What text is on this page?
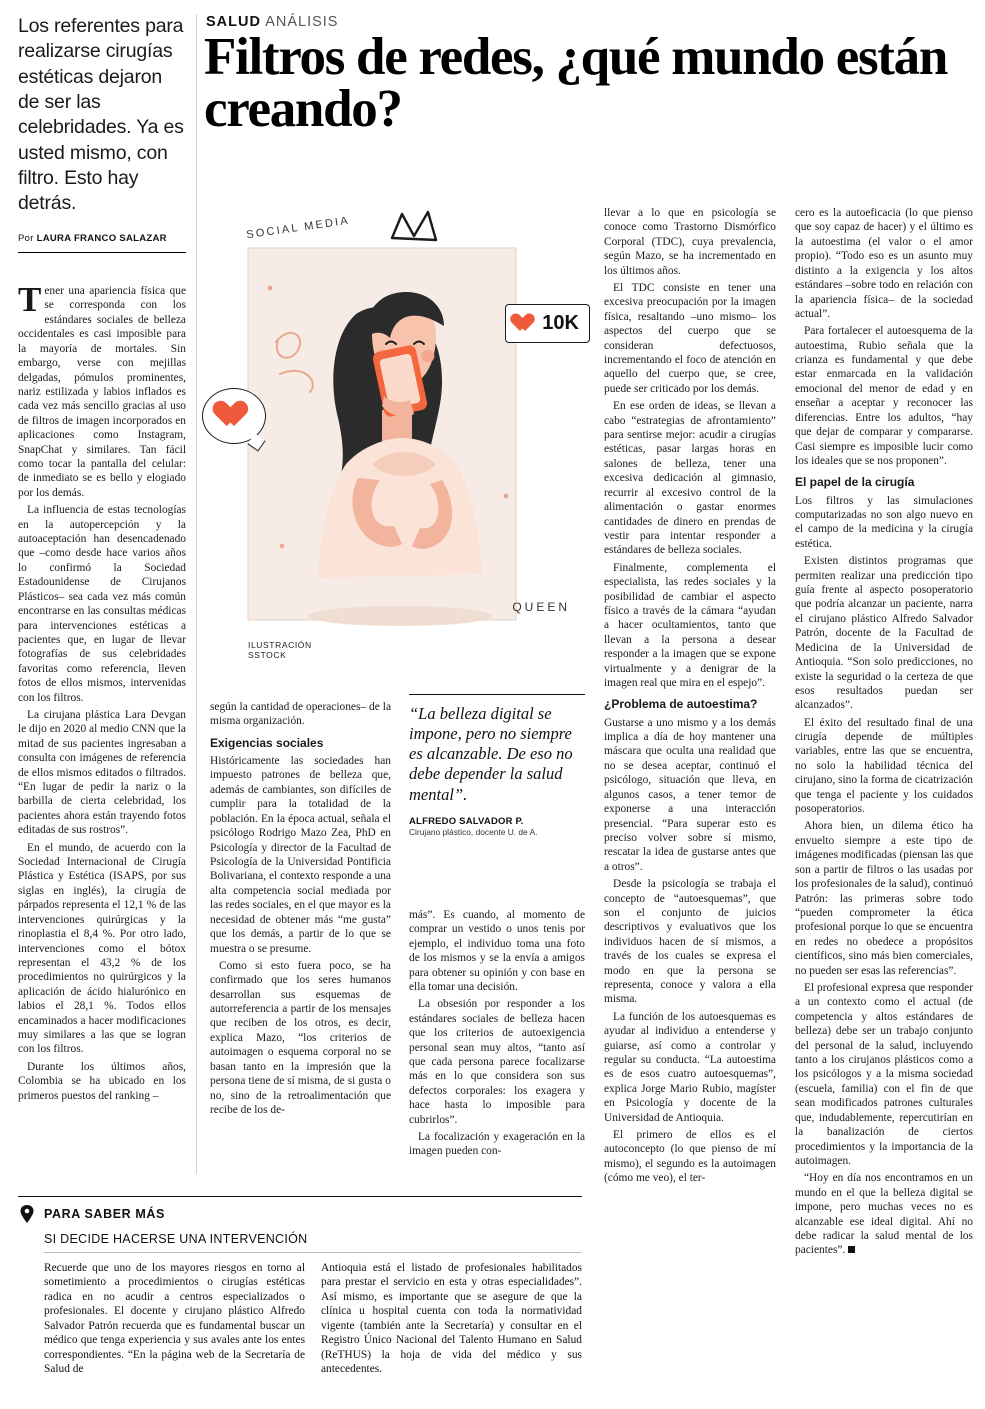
Los referentes para realizarse cirugías estéticas dejaron de ser las celebridades. Ya es usted mismo, con filtro. Esto hay detrás.
Por LAURA FRANCO SALAZAR
SALUD ANÁLISIS
Filtros de redes, ¿qué mundo están creando?
10K
QUEEN
SOCIAL MEDIA
ILUSTRACIÓN
SSTOCK

Tener una apariencia física que se corresponda con los estándares sociales de belleza occidentales es casi imposible para la mayoría de mortales. Sin embargo, verse con mejillas delgadas, pómulos prominentes, nariz estilizada y labios inflados es cada vez más sencillo gracias al uso de filtros de imagen incorporados en aplicaciones como Instagram, SnapChat y similares. Tan fácil como tocar la pantalla del celular: de inmediato se es bello y elogiado por los demás.

La influencia de estas tecnologías en la autopercepción y la autoaceptación han desencadenado que –como desde hace varios años lo confirmó la Sociedad Estadounidense de Cirujanos Plásticos– sea cada vez más común encontrarse en las consultas médicas para intervenciones estéticas a pacientes que, en lugar de llevar fotografías de sus celebridades favoritas como referencia, lleven fotos de ellos mismos, intervenidas con los filtros.

La cirujana plástica Lara Devgan le dijo en 2020 al medio CNN que la mitad de sus pacientes ingresaban a consulta con imágenes de referencia de ellos mismos editados o filtrados. “En lugar de pedir la nariz o la barbilla de cierta celebridad, los pacientes ahora están trayendo fotos editadas de sus rostros”.

En el mundo, de acuerdo con la Sociedad Internacional de Cirugía Plástica y Estética (ISAPS, por sus siglas en inglés), la cirugía de párpados representa el 12,1 % de las intervenciones quirúrgicas y la rinoplastia el 8,4 %. Por otro lado, intervenciones como el bótox representan el 43,2 % de los procedimientos no quirúrgicos y la aplicación de ácido hialurónico en labios el 28,1 %. Todos ellos encaminados a hacer modificaciones muy similares a las que se logran con los filtros.

Durante los últimos años, Colombia se ha ubicado en los primeros puestos del ranking –

según la cantidad de operaciones– de la misma organización.

Exigencias sociales

Históricamente las sociedades han impuesto patrones de belleza que, además de cambiantes, son difíciles de cumplir para la totalidad de la población. En la época actual, señala el psicólogo Rodrigo Mazo Zea, PhD en Psicología y director de la Facultad de Psicología de la Universidad Pontificia Bolivariana, el contexto responde a una alta competencia social mediada por las redes sociales, en el que mayor es la necesidad de obtener más “me gusta” que los demás, a partir de lo que se muestra o se presume.

Como si esto fuera poco, se ha confirmado que los seres humanos desarrollan sus esquemas de autorreferencia a partir de los mensajes que reciben de los otros, es decir, explica Mazo, “los criterios de autoimagen o esquema corporal no se basan tanto en la impresión que la persona tiene de sí misma, de si gusta o no, sino de la retroalimentación que recibe de los de-

“La belleza digital se impone, pero no siempre es alcanzable. De eso no debe depender la salud mental”.
ALFREDO SALVADOR P.
Cirujano plástico, docente U. de A.

más”. Es cuando, al momento de comprar un vestido o unos tenis por ejemplo, el individuo toma una foto de los mismos y se la envía a amigos para obtener su opinión y con base en ella tomar una decisión.

La obsesión por responder a los estándares sociales de belleza hacen que los criterios de autoexigencia personal sean muy altos, “tanto así que cada persona parece focalizarse más en lo que considera son sus defectos corporales: los exagera y hace hasta lo imposible para cubrirlos”.

La focalización y exageración en la imagen pueden con-

llevar a lo que en psicología se conoce como Trastorno Dismórfico Corporal (TDC), cuya prevalencia, según Mazo, se ha incrementado en los últimos años.

El TDC consiste en tener una excesiva preocupación por la imagen física, resaltando –uno mismo– los aspectos del cuerpo que se consideran defectuosos, incrementando el foco de atención en aquello del cuerpo que, se cree, puede ser criticado por los demás.

En ese orden de ideas, se llevan a cabo “estrategias de afrontamiento” para sentirse mejor: acudir a cirugías estéticas, pasar largas horas en salones de belleza, tener una excesiva dedicación al gimnasio, recurrir al excesivo control de la alimentación o gastar enormes cantidades de dinero en prendas de vestir para intentar responder a estándares de belleza sociales.

Finalmente, complementa el especialista, las redes sociales y la posibilidad de cambiar el aspecto físico a través de la cámara “ayudan a hacer ocultamientos, tanto que llevan a la persona a desear responder a la imagen que se expone virtualmente y a denigrar de la imagen real que mira en el espejo”.

¿Problema de autoestima?

Gustarse a uno mismo y a los demás implica a día de hoy mantener una máscara que oculta una realidad que no se desea aceptar, continuó el psicólogo, situación que lleva, en algunos casos, a tener temor de exponerse a una interacción presencial. “Para superar esto es preciso volver sobre sí mismo, rescatar la idea de gustarse antes que a otros”.

Desde la psicología se trabaja el concepto de “autoesquemas”, que son el conjunto de juicios descriptivos y evaluativos que los individuos hacen de sí mismos, a través de los cuales se expresa el modo en que la persona se representa, conoce y valora a ella misma.

La función de los autoesquemas es ayudar al individuo a entenderse y guiarse, así como a controlar y regular su conducta. “La autoestima es de esos cuatro autoesquemas”, explica Jorge Mario Rubio, magíster en Psicología y docente de la Universidad de Antioquia.

El primero de ellos es el autoconcepto (lo que pienso de mí mismo), el segundo es la autoimagen (cómo me veo), el ter-

cero es la autoeficacia (lo que pienso que soy capaz de hacer) y el último es la autoestima (el valor o el amor propio). “Todo eso es un asunto muy distinto a la exigencia y los altos estándares –sobre todo en relación con la apariencia física– de la sociedad actual”.

Para fortalecer el autoesquema de la autoestima, Rubio señala que la crianza es fundamental y que debe estar enmarcada en la validación emocional del menor de edad y en enseñar a aceptar y reconocer las diferencias. Entre los adultos, “hay que dejar de comparar y compararse. Casi siempre es imposible lucir como los ideales que se nos proponen”.

El papel de la cirugía

Los filtros y las simulaciones computarizadas no son algo nuevo en el campo de la medicina y la cirugía estética.

Existen distintos programas que permiten realizar una predicción tipo guía frente al aspecto posoperatorio que podría alcanzar un paciente, narra el cirujano plástico Alfredo Salvador Patrón, docente de la Facultad de Medicina de la Universidad de Antioquia. “Son solo predicciones, no existe la seguridad o la certeza de que esos resultados puedan ser alcanzados”.

El éxito del resultado final de una cirugía depende de múltiples variables, entre las que se encuentra, no solo la habilidad técnica del cirujano, sino la forma de cicatrización que tenga el paciente y los cuidados posoperatorios.

Ahora bien, un dilema ético ha envuelto siempre a este tipo de imágenes modificadas (piensan las que son a partir de filtros o las usadas por los profesionales de la salud), continuó Patrón: las primeras sobre todo “pueden comprometer la ética profesional porque lo que se encuentra en redes no obedece a propósitos científicos, sino más bien comerciales, no pueden ser esas las referencias”.

El profesional expresa que responder a un contexto como el actual (de competencia y altos estándares de belleza) debe ser un trabajo conjunto del personal de la salud, incluyendo tanto a los cirujanos plásticos como a los psicólogos y a la misma sociedad (escuela, familia) con el fin de que sean modificados patrones culturales que, indudablemente, repercutirían en la banalización de ciertos procedimientos y la importancia de la autoimagen.

“Hoy en día nos encontramos en un mundo en el que la belleza digital se impone, pero muchas veces no es alcanzable ese ideal digital. Ahí no debe radicar la salud mental de los pacientes”.

PARA SABER MÁS
SI DECIDE HACERSE UNA INTERVENCIÓN
Recuerde que uno de los mayores riesgos en torno al sometimiento a procedimientos o cirugías estéticas radica en no acudir a centros especializados o profesionales. El docente y cirujano plástico Alfredo Salvador Patrón recuerda que es fundamental buscar un médico que tenga experiencia y sus avales ante los entes correspondientes. “En la página web de la Secretaría de Salud de
Antioquia está el listado de profesionales habilitados para prestar el servicio en esta y otras especialidades”. Así mismo, es importante que se asegure de que la clínica u hospital cuenta con toda la normatividad vigente (también ante la Secretaría) y consultar en el Registro Único Nacional del Talento Humano en Salud (ReTHUS) la hoja de vida del médico y sus antecedentes.
